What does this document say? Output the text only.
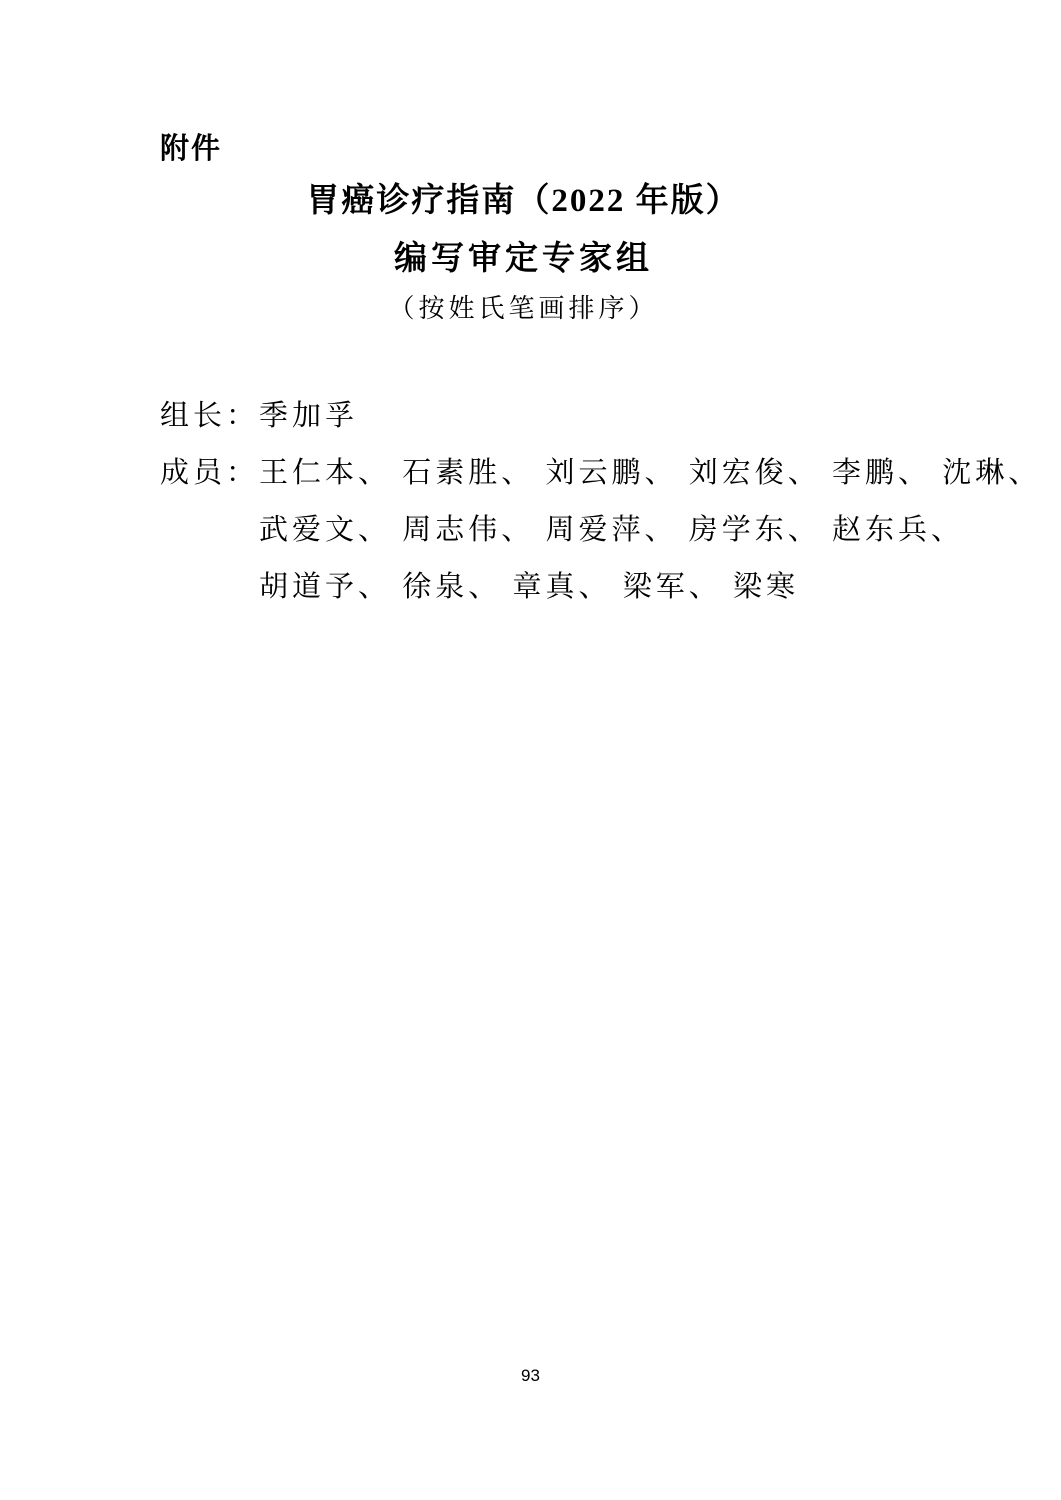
附件
胃癌诊疗指南（2022 年版）
编写审定专家组
（按姓氏笔画排序）
组长： 季加孚
成员： 王仁本、 石素胜、 刘云鹏、 刘宏俊、 李鹏、 沈琳、
武爱文、 周志伟、 周爱萍、 房学东、 赵东兵、
胡道予、 徐泉、 章真、 梁军、 梁寒
93
